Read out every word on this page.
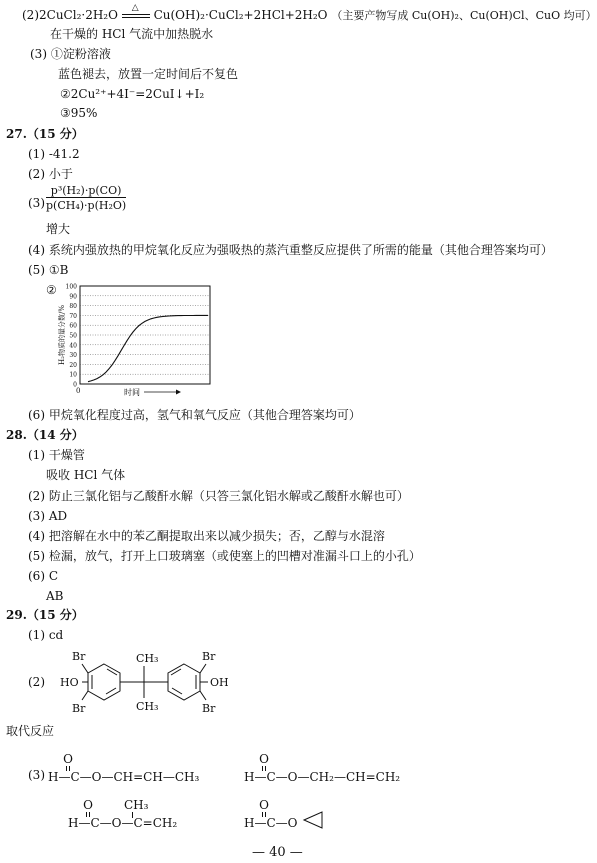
(2)2CuCl₂·2H₂O
△
Cu(OH)₂·CuCl₂+2HCl+2H₂O （主要产物写成 Cu(OH)₂、Cu(OH)Cl、CuO 均可）
在干燥的 HCl 气流中加热脱水
(3) ①淀粉溶液
蓝色褪去，放置一定时间后不复色
②2Cu²⁺+4I⁻=2CuI↓+I₂
③95%
27.（15 分）
(1) -41.2
(2) 小于
$(3) \frac{\text{p³(H₂)·p(CO)}}{\text{p(CH₄)·p(H₂O)}}$
增大
(4) 系统内强放热的甲烷氧化反应为强吸热的蒸汽重整反应提供了所需的能量（其他合理答案均可）
(5) ①B
②
0
10
20
30
40
50
60
70
80
90
100
0
H₂物质的量分数/%
时间
(6) 甲烷氧化程度过高，氢气和氧气反应（其他合理答案均可）
28.（14 分）
(1) 干燥管
吸收 HCl 气体
(2) 防止三氯化铝与乙酸酐水解（只答三氯化铝水解或乙酸酐水解也可）
(3) AD
(4) 把溶解在水中的苯乙酮提取出来以减少损失；否，乙醇与水混溶
(5) 检漏，放气，打开上口玻璃塞（或使塞上的凹槽对准漏斗口上的小孔）
(6) C
AB
29.（15 分）
(1) cd
(2)
Br
Br
HO
CH₃
CH₃
Br
Br
OH
取代反应
(3)
O
H—C—O—CH=CH—CH₃
O
H—C—O—CH₂—CH=CH₂
O	CH₃
H—C—O—C=CH₂
O
H—C—O
— 40 —
